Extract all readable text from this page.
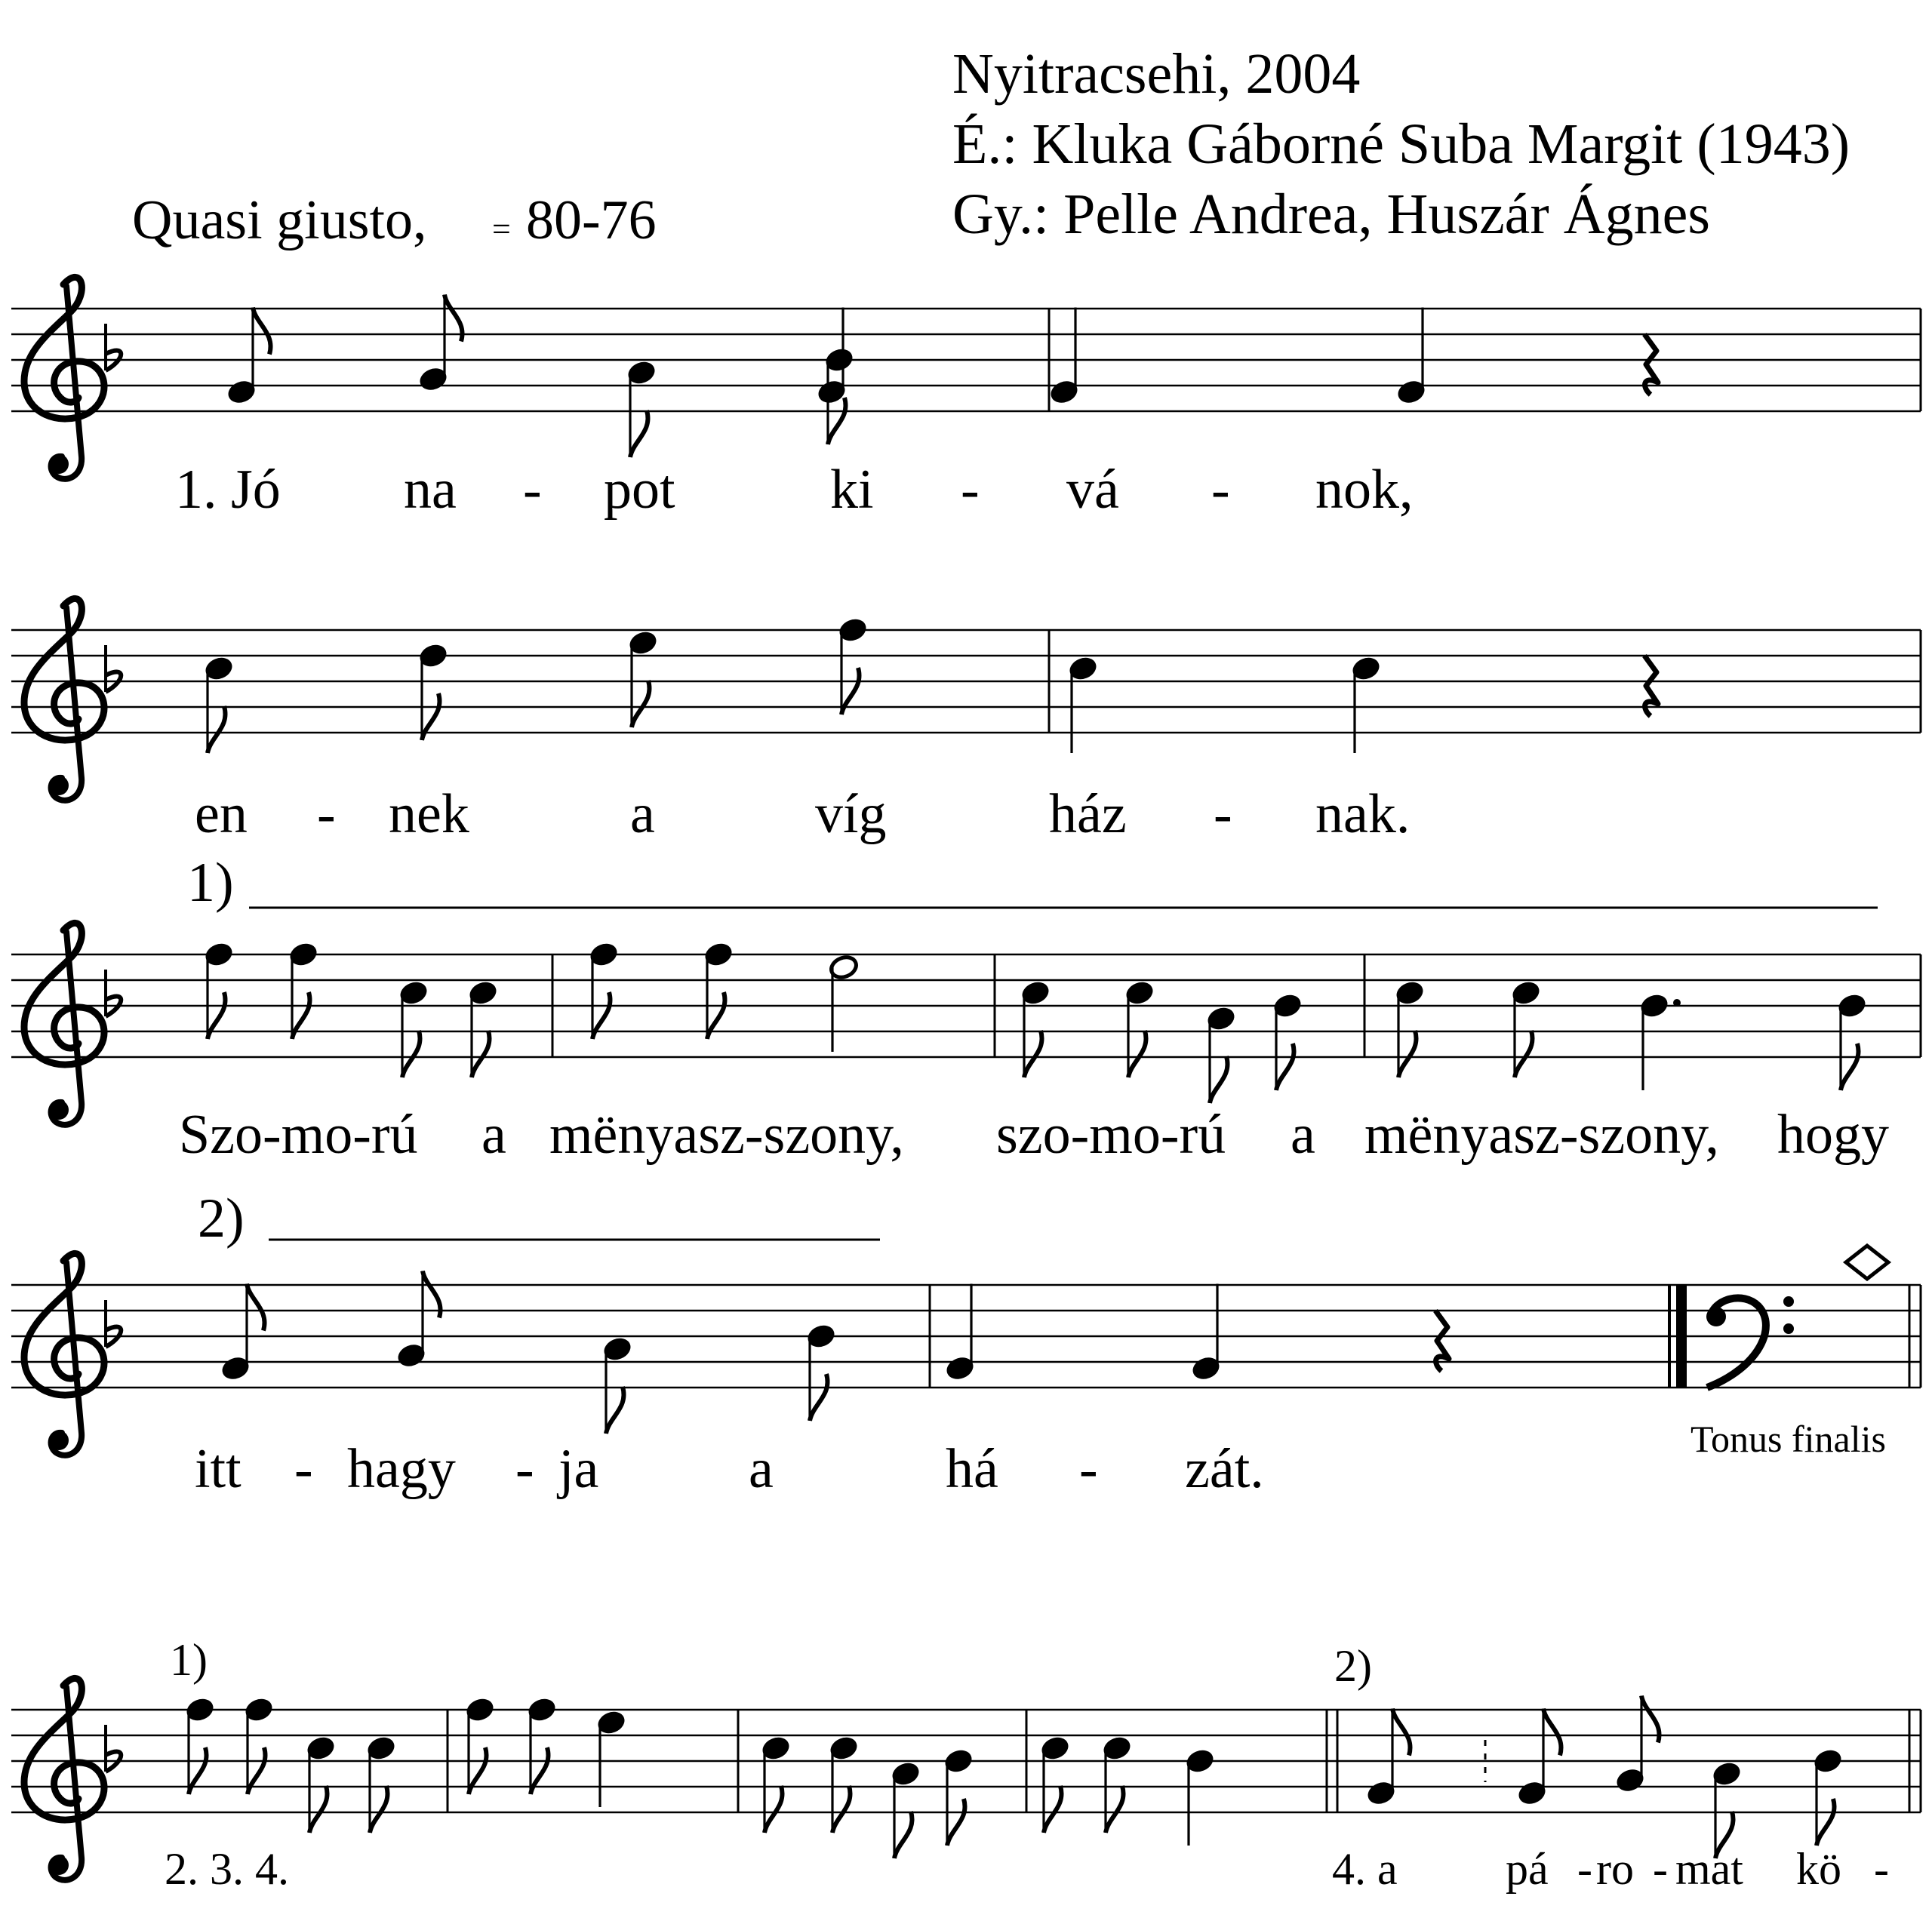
Nyitracsehi, 2004
É.: Kluka Gáborné Suba Margit (1943)
Gy.: Pelle Andrea, Huszár Ágnes
Quasi giusto, = 80-76
1)
2)
1)	2)
Tonus finalis
1. Jó na - pot	ki - vá - nok,
en - nek	a	víg	ház - nak.
Szo-mo-rú a mënyasz-szony, szo-mo-rú a mënyasz-szony, hogy
itt - hagy - ja	a	há - zát.
2. 3. 4.	4. a pá - ro - mat kö -
